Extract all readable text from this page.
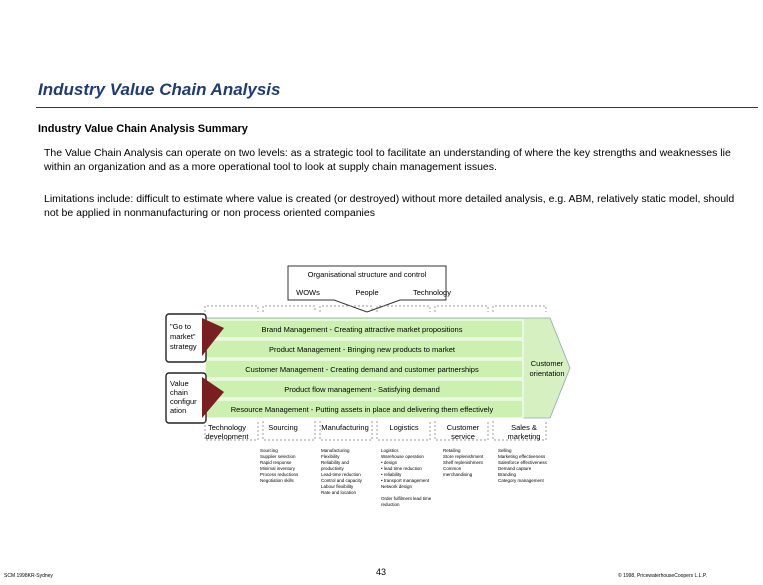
Industry Value Chain Analysis
Industry Value Chain Analysis Summary
The Value Chain Analysis can operate on two levels: as a strategic tool to facilitate an understanding of where the key strengths and weaknesses lie within an organization and as a more operational tool to look at supply chain management issues.
Limitations include: difficult to estimate where value is created (or destroyed) without more detailed analysis, e.g. ABM, relatively static model, should not be applied in nonmanufacturing or non process oriented companies
Organisational structure and control
WOWs	People	Technology
Brand Management - Creating attractive market propositions
Product Management - Bringing new products to market
Customer Management - Creating demand and customer partnerships
Product flow management - Satisfying demand
Resource Management - Putting assets in place and delivering them effectively
Customer
orientation
"Go to
market"
strategy
Value
chain
configur
ation
Technology
development
Sourcing	Manufacturing	Logistics	Customer
service
Sales &
marketing
Sourcing
Supplier selection
Rapid response
Minimal inventory
Process reductions
Negotiation skills
Manufacturing
Flexibility
Reliability and
productivity
Lead-time reduction
Control and capacity
Labour flexibility
Rate and location
Logistics
Warehouse operation
• design
• lead time reduction
• reliability
• transport management
Network design
Order fulfilment lead time
reduction
Retailing
Store replenishment
Shelf replenishment
Common
merchandising
Selling
Marketing effectiveness
Salesforce effectiveness
Demand capture
Branding
Category management
SCM 1998KR-Sydney	43	© 1998, PricewaterhouseCoopers L.L.P.
